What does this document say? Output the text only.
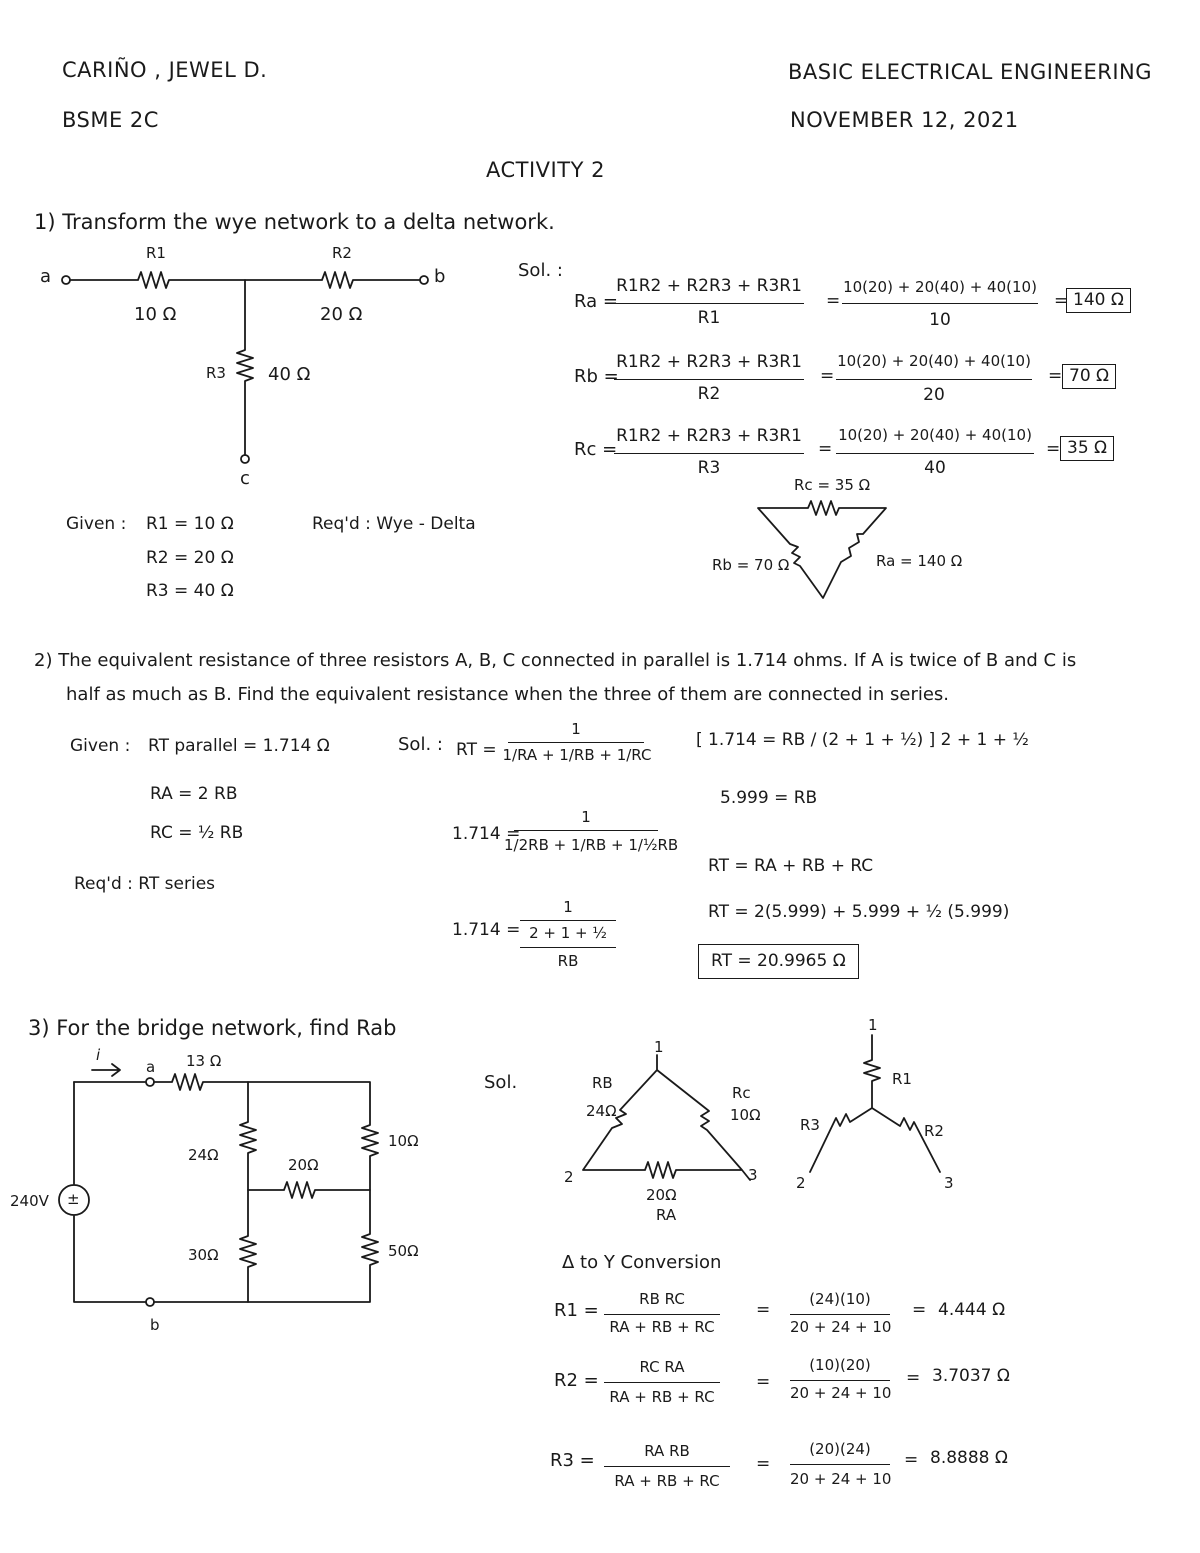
CARIÑO , JEWEL D.
BSME 2C
BASIC ELECTRICAL ENGINEERING
NOVEMBER 12, 2021
ACTIVITY 2
1) Transform the wye network to a delta network.
a	b
c
R1
10 Ω
R2
20 Ω
R3 40 Ω
Given : R1 = 10 Ω
R2 = 20 Ω
R3 = 40 Ω
Req'd : Wye - Delta
Sol. :
Ra =
R1R2 + R2R3 + R3R1
R1
=
10(20) + 20(40) + 40(10)
10
= 140 Ω
Rb =
R1R2 + R2R3 + R3R1
R2
=
10(20) + 20(40) + 40(10)
20
= 70 Ω
Rc =
R1R2 + R2R3 + R3R1
R3
=
10(20) + 20(40) + 40(10)
40
= 35 Ω
Rc = 35 Ω
Rb = 70 Ω	Ra = 140 Ω
2) The equivalent resistance of three resistors A, B, C connected in parallel is 1.714 ohms. If A is twice of B and C is
half as much as B. Find the equivalent resistance when the three of them are connected in series.
Given : RT parallel = 1.714 Ω
RA = 2 RB
RC = ½ RB
Req'd : RT series
Sol. : RT =
1
1/RA + 1/RB + 1/RC
1.714 =
1
1/2RB + 1/RB + 1/½RB
1.714 =
1
2 + 1 + ½
RB
[ 1.714 = RB / (2 + 1 + ½) ] 2 + 1 + ½
5.999 = RB
RT = RA + RB + RC
RT = 2(5.999) + 5.999 + ½ (5.999)
RT = 20.9965 Ω
3) For the bridge network, find Rab
i
a
b
240V
13 Ω
24Ω
20Ω
10Ω
30Ω	50Ω
Sol.	RB
24Ω
Rc
10Ω
20Ω
RA
1
2	3
R1
R2
R3
1
2	3
Δ to Y Conversion
R1 =
RB RC
RA + RB + RC
=
(24)(10)
20 + 24 + 10
= 4.444 Ω
R2 =
RC RA
RA + RB + RC
=
(10)(20)
20 + 24 + 10
= 3.7037 Ω
R3 =	RA RB
RA + RB + RC
=
(20)(24)
20 + 24 + 10
= 8.8888 Ω
±
